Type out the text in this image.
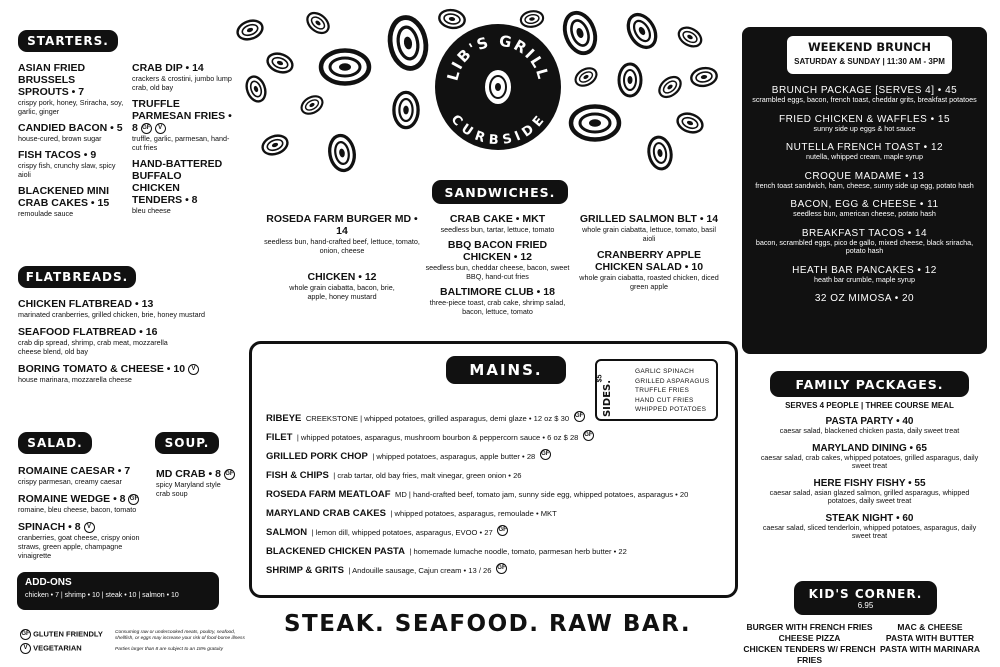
LIB'S GRILL
CURBSIDE
STARTERS.
ASIAN FRIED BRUSSELS SPROUTS • 7
crispy pork, honey, Sriracha, soy, garlic, ginger
CANDIED BACON • 5
house-cured, brown sugar
FISH TACOS • 9
crispy fish, crunchy slaw, spicy aioli
BLACKENED MINI CRAB CAKES • 15
remoulade sauce
CRAB DIP • 14
crackers & crostini, jumbo lump crab, old bay
TRUFFLE PARMESAN FRIES • 8 GF V
truffle, garlic, parmesan, hand-cut fries
HAND-BATTERED BUFFALO CHICKEN TENDERS • 8
bleu cheese
FLATBREADS.
CHICKEN FLATBREAD • 13
marinated cranberries, grilled chicken, brie, honey mustard
SEAFOOD FLATBREAD • 16
crab dip spread, shrimp, crab meat, mozzarella cheese blend, old bay
BORING TOMATO & CHEESE • 10 V
house marinara, mozzarella cheese
SALAD.
ROMAINE CAESAR • 7
crispy parmesan, creamy caesar
ROMAINE WEDGE • 8 GF
romaine, bleu cheese, bacon, tomato
SPINACH • 8 V
cranberries, goat cheese, crispy onion straws, green apple, champagne vinaigrette
SOUP.
MD CRAB • 8 GF
spicy Maryland style crab soup
ADD-ONS
chicken • 7 | shrimp • 10 | steak • 10 | salmon • 10
GF GLUTEN FRIENDLY
V VEGETARIAN
Consuming raw or undercooked meats, poultry, seafood, shellfish, or eggs may increase your risk of food-borne illness
Parties larger than 8 are subject to an 18% gratuity
SANDWICHES.
ROSEDA FARM BURGER MD • 14
seedless bun, hand-crafted beef, lettuce, tomato, onion, cheese
CHICKEN • 12
whole grain ciabatta, bacon, brie, apple, honey mustard
CRAB CAKE • MKT
seedless bun, tartar, lettuce, tomato
BBQ BACON FRIED CHICKEN • 12
seedless bun, cheddar cheese, bacon, sweet BBQ, hand-cut fries
BALTIMORE CLUB • 18
three-piece toast, crab cake, shrimp salad, bacon, lettuce, tomato
GRILLED SALMON BLT • 14
whole grain ciabatta, lettuce, tomato, basil aioli
CRANBERRY APPLE CHICKEN SALAD • 10
whole grain ciabatta, roasted chicken, diced green apple
MAINS.	$5
SIDES.
GARLIC SPINACH
GRILLED ASPARAGUS
TRUFFLE FRIES
HAND CUT FRIES
WHIPPED POTATOES
RIBEYE CREEKSTONE | whipped potatoes, grilled asparagus, demi glaze • 12 oz $ 30 GF
FILET | whipped potatoes, asparagus, mushroom bourbon & peppercorn sauce • 6 oz $ 28 GF
GRILLED PORK CHOP | whipped potatoes, asparagus, apple butter • 28 GF
FISH & CHIPS | crab tartar, old bay fries, malt vinegar, green onion • 26
ROSEDA FARM MEATLOAF MD | hand-crafted beef, tomato jam, sunny side egg, whipped potatoes, asparagus • 20
MARYLAND CRAB CAKES | whipped potatoes, asparagus, remoulade • MKT
SALMON | lemon dill, whipped potatoes, asparagus, EVOO • 27 GF
BLACKENED CHICKEN PASTA | homemade lumache noodle, tomato, parmesan herb butter • 22
SHRIMP & GRITS | Andouille sausage, Cajun cream • 13 / 26 GF
STEAK. SEAFOOD. RAW BAR.
WEEKEND BRUNCH
SATURDAY & SUNDAY | 11:30 AM - 3PM
BRUNCH PACKAGE [SERVES 4] • 45
scrambled eggs, bacon, french toast, cheddar grits, breakfast potatoes
FRIED CHICKEN & WAFFLES • 15
sunny side up eggs & hot sauce
NUTELLA FRENCH TOAST • 12
nutella, whipped cream, maple syrup
CROQUE MADAME • 13
french toast sandwich, ham, cheese, sunny side up egg, potato hash
BACON, EGG & CHEESE • 11
seedless bun, american cheese, potato hash
BREAKFAST TACOS • 14
bacon, scrambled eggs, pico de gallo, mixed cheese, black sriracha, potato hash
HEATH BAR PANCAKES • 12
heath bar crumble, maple syrup
32 OZ MIMOSA • 20
FAMILY PACKAGES.
SERVES 4 PEOPLE | THREE COURSE MEAL
PASTA PARTY • 40
caesar salad, blackened chicken pasta, daily sweet treat
MARYLAND DINING • 65
caesar salad, crab cakes, whipped potatoes, grilled asparagus, daily sweet treat
HERE FISHY FISHY • 55
caesar salad, asian glazed salmon, grilled asparagus, whipped potatoes, daily sweet treat
STEAK NIGHT • 60
caesar salad, sliced tenderloin, whipped potatoes, asparagus, daily sweet treat
KID'S CORNER.
6.95
BURGER WITH FRENCH FRIES
CHEESE PIZZA
CHICKEN TENDERS W/ FRENCH FRIES
MAC & CHEESE
PASTA WITH BUTTER
PASTA WITH MARINARA
